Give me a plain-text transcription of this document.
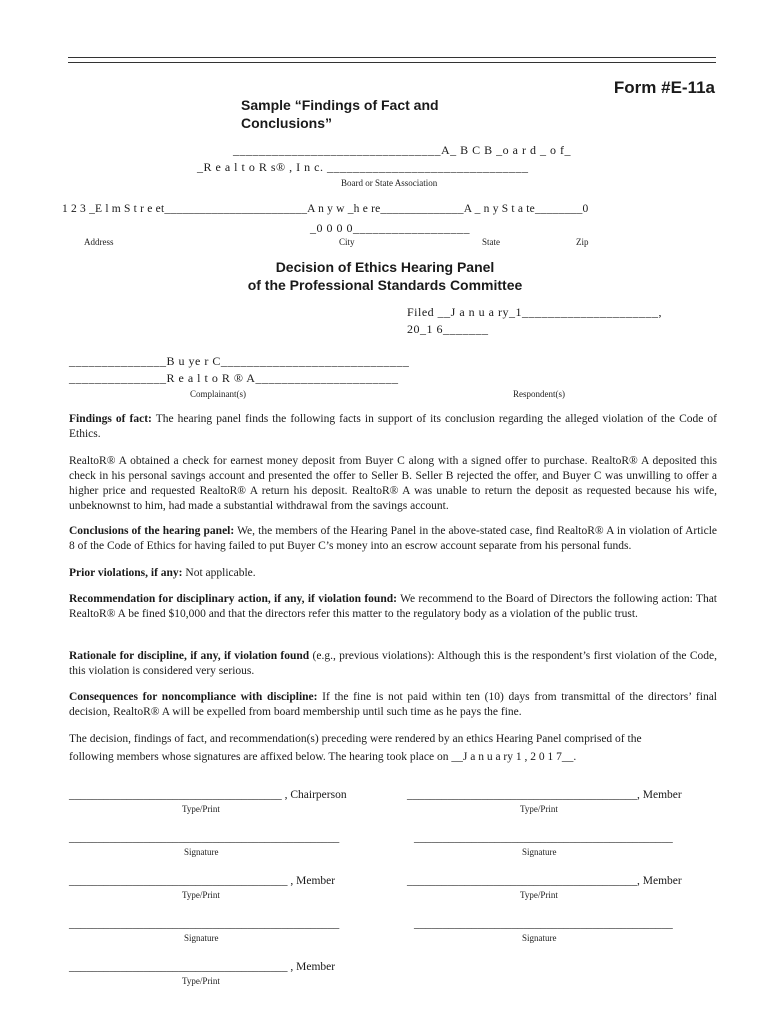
Form #E-11a
Sample “Findings of Fact and
Conclusions”
________________________________A_ B C B _o a r d _ o f_
_R e a l t o R s® , I n c. _______________________________
Board or State Association
1 2 3 _E l m S t r e et________________________A n y w _h e re______________A _ n y S t a te________0
_0 0 0 0__________________
Address	City	State	Zip
Decision of Ethics Hearing Panel
of the Professional Standards Committee
Filed __J a n u a ry_1_____________________,
20_1 6_______
_______________B u ye r C_____________________________
_______________R e a l t o R ® A______________________
Complainant(s)	Respondent(s)
Findings of fact: The hearing panel finds the following facts in support of its conclusion regarding the alleged violation of the Code of Ethics.
RealtoR® A obtained a check for earnest money deposit from Buyer C along with a signed offer to purchase. RealtoR® A deposited this check in his personal savings account and presented the offer to Seller B. Seller B rejected the offer, and Buyer C was unwilling to offer a higher price and requested RealtoR® A return his deposit. RealtoR® A was unable to return the deposit as requested because his wife, unbeknownst to him, had made a substantial withdrawal from the savings account.
Conclusions of the hearing panel: We, the members of the Hearing Panel in the above-stated case, find RealtoR® A in violation of Article 8 of the Code of Ethics for having failed to put Buyer C’s money into an escrow account separate from his personal funds.
Prior violations, if any: Not applicable.
Recommendation for disciplinary action, if any, if violation found: We recommend to the Board of Directors the following action: That RealtoR® A be fined $10,000 and that the directors refer this matter to the regulatory body as a violation of the public trust.
Rationale for discipline, if any, if violation found (e.g., previous violations): Although this is the respondent’s first violation of the Code, this violation is considered very serious.
Consequences for noncompliance with discipline: If the fine is not paid within ten (10) days from transmittal of the directors’ final decision, RealtoR® A will be expelled from board membership until such time as he pays the fine.
The decision, findings of fact, and recommendation(s) preceding were rendered by an ethics Hearing Panel comprised of the
following members whose signatures are affixed below. The hearing took place on __J a n u a ry 1 , 2 0 1 7__.
_____________________________________ , Chairperson	________________________________________, Member
Type/Print	Type/Print
_______________________________________________	_____________________________________________
Signature	Signature
______________________________________ , Member	________________________________________, Member
Type/Print	Type/Print
_______________________________________________	_____________________________________________
Signature	Signature
______________________________________ , Member
Type/Print
